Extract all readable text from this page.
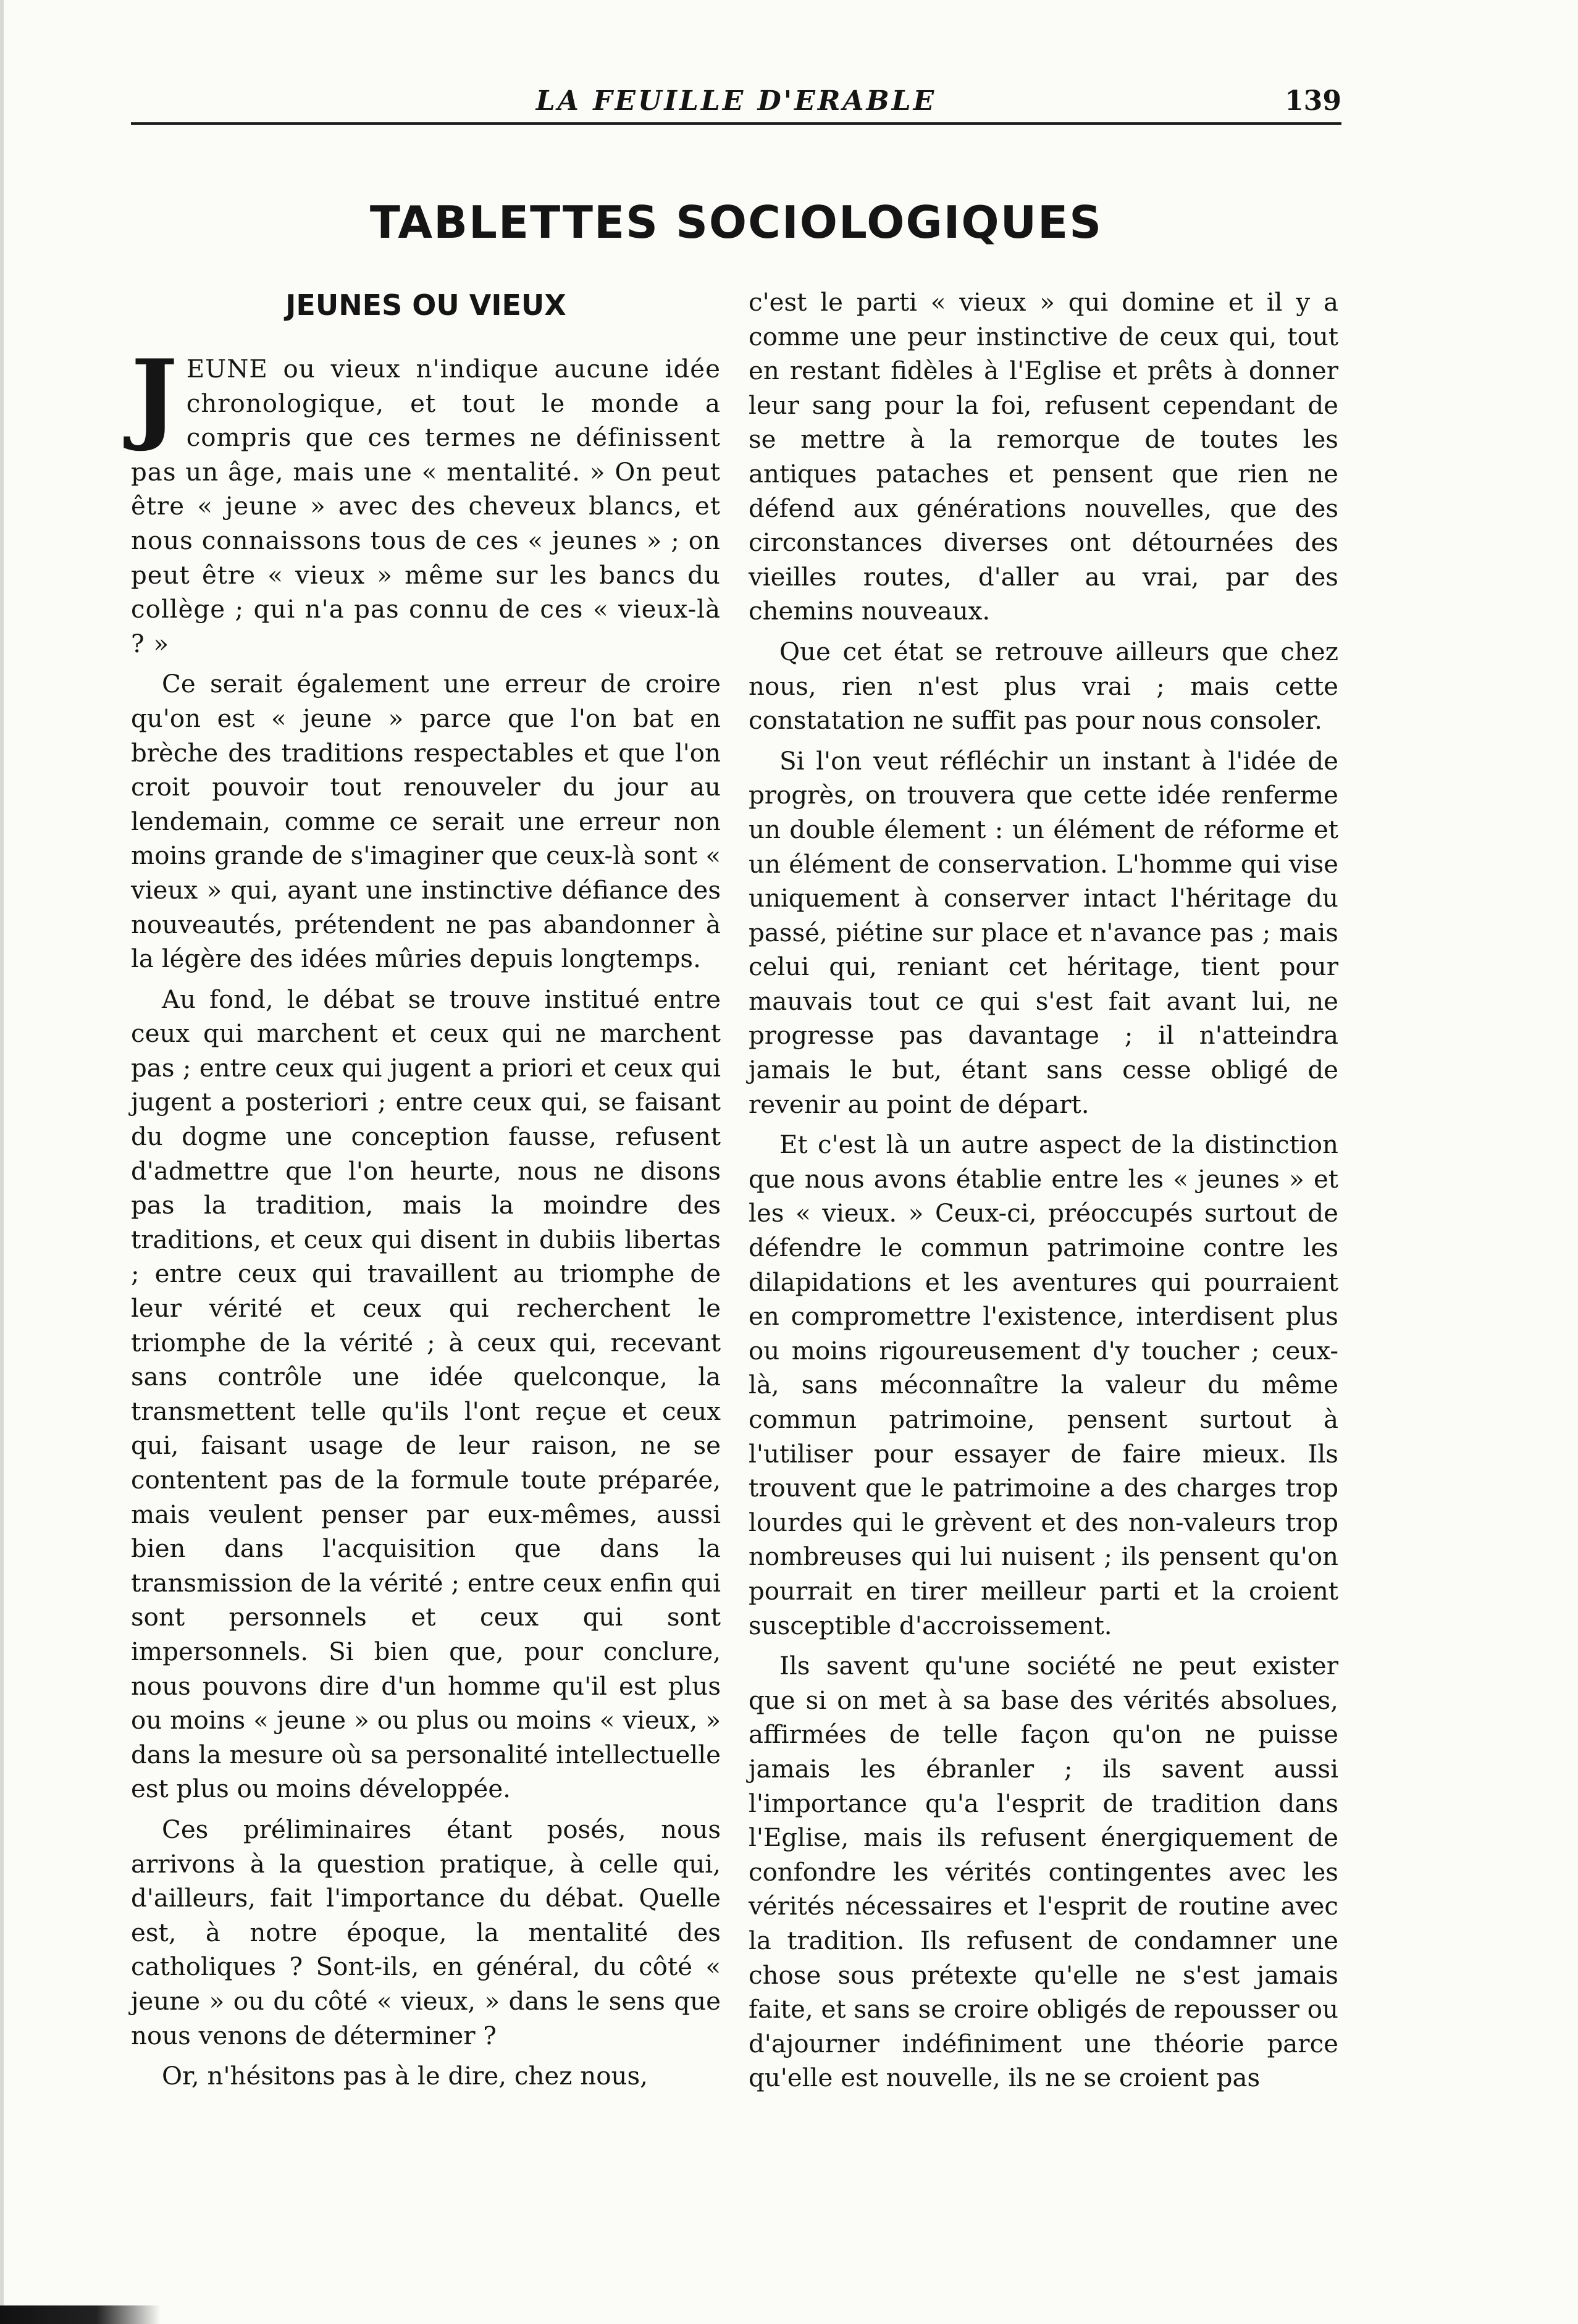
LA FEUILLE D'ERABLE	139
TABLETTES SOCIOLOGIQUES
JEUNES OU VIEUX

JEUNE ou vieux n'indique aucune idée chronologique, et tout le monde a compris que ces termes ne définissent pas un âge, mais une « mentalité. » On peut être « jeune » avec des cheveux blancs, et nous connaissons tous de ces « jeunes » ; on peut être « vieux » même sur les bancs du collège ; qui n'a pas connu de ces « vieux-là ? »

Ce serait également une erreur de croire qu'on est « jeune » parce que l'on bat en brèche des traditions respectables et que l'on croit pouvoir tout renouveler du jour au lendemain, comme ce serait une erreur non moins grande de s'imaginer que ceux-là sont « vieux » qui, ayant une instinctive défiance des nouveautés, prétendent ne pas abandonner à la légère des idées mûries depuis longtemps.

Au fond, le débat se trouve institué entre ceux qui marchent et ceux qui ne marchent pas ; entre ceux qui jugent a priori et ceux qui jugent a posteriori ; entre ceux qui, se faisant du dogme une conception fausse, refusent d'admettre que l'on heurte, nous ne disons pas la tradition, mais la moindre des traditions, et ceux qui disent in dubiis libertas ; entre ceux qui travaillent au triomphe de leur vérité et ceux qui recherchent le triomphe de la vérité ; à ceux qui, recevant sans contrôle une idée quelconque, la transmettent telle qu'ils l'ont reçue et ceux qui, faisant usage de leur raison, ne se contentent pas de la formule toute préparée, mais veulent penser par eux-mêmes, aussi bien dans l'acquisition que dans la transmission de la vérité ; entre ceux enfin qui sont personnels et ceux qui sont impersonnels. Si bien que, pour conclure, nous pouvons dire d'un homme qu'il est plus ou moins « jeune » ou plus ou moins « vieux, » dans la mesure où sa personalité intellectuelle est plus ou moins développée.

Ces préliminaires étant posés, nous arrivons à la question pratique, à celle qui, d'ailleurs, fait l'importance du débat. Quelle est, à notre époque, la mentalité des catholiques ? Sont-ils, en général, du côté « jeune » ou du côté « vieux, » dans le sens que nous venons de déterminer ?

Or, n'hésitons pas à le dire, chez nous,

c'est le parti « vieux » qui domine et il y a comme une peur instinctive de ceux qui, tout en restant fidèles à l'Eglise et prêts à donner leur sang pour la foi, refusent cependant de se mettre à la remorque de toutes les antiques pataches et pensent que rien ne défend aux générations nouvelles, que des circonstances diverses ont détournées des vieilles routes, d'aller au vrai, par des chemins nouveaux.

Que cet état se retrouve ailleurs que chez nous, rien n'est plus vrai ; mais cette constatation ne suffit pas pour nous consoler.

Si l'on veut réfléchir un instant à l'idée de progrès, on trouvera que cette idée renferme un double élement : un élément de réforme et un élément de conservation. L'homme qui vise uniquement à conserver intact l'héritage du passé, piétine sur place et n'avance pas ; mais celui qui, reniant cet héritage, tient pour mauvais tout ce qui s'est fait avant lui, ne progresse pas davantage ; il n'atteindra jamais le but, étant sans cesse obligé de revenir au point de départ.

Et c'est là un autre aspect de la distinction que nous avons établie entre les « jeunes » et les « vieux. » Ceux-ci, préoccupés surtout de défendre le commun patrimoine contre les dilapidations et les aventures qui pourraient en compromettre l'existence, interdisent plus ou moins rigoureusement d'y toucher ; ceux-là, sans méconnaître la valeur du même commun patrimoine, pensent surtout à l'utiliser pour essayer de faire mieux. Ils trouvent que le patrimoine a des charges trop lourdes qui le grèvent et des non-valeurs trop nombreuses qui lui nuisent ; ils pensent qu'on pourrait en tirer meilleur parti et la croient susceptible d'accroissement.

Ils savent qu'une société ne peut exister que si on met à sa base des vérités absolues, affirmées de telle façon qu'on ne puisse jamais les ébranler ; ils savent aussi l'importance qu'a l'esprit de tradition dans l'Eglise, mais ils refusent énergiquement de confondre les vérités contingentes avec les vérités nécessaires et l'esprit de routine avec la tradition. Ils refusent de condamner une chose sous prétexte qu'elle ne s'est jamais faite, et sans se croire obligés de repousser ou d'ajourner indéfiniment une théorie parce qu'elle est nouvelle, ils ne se croient pas
